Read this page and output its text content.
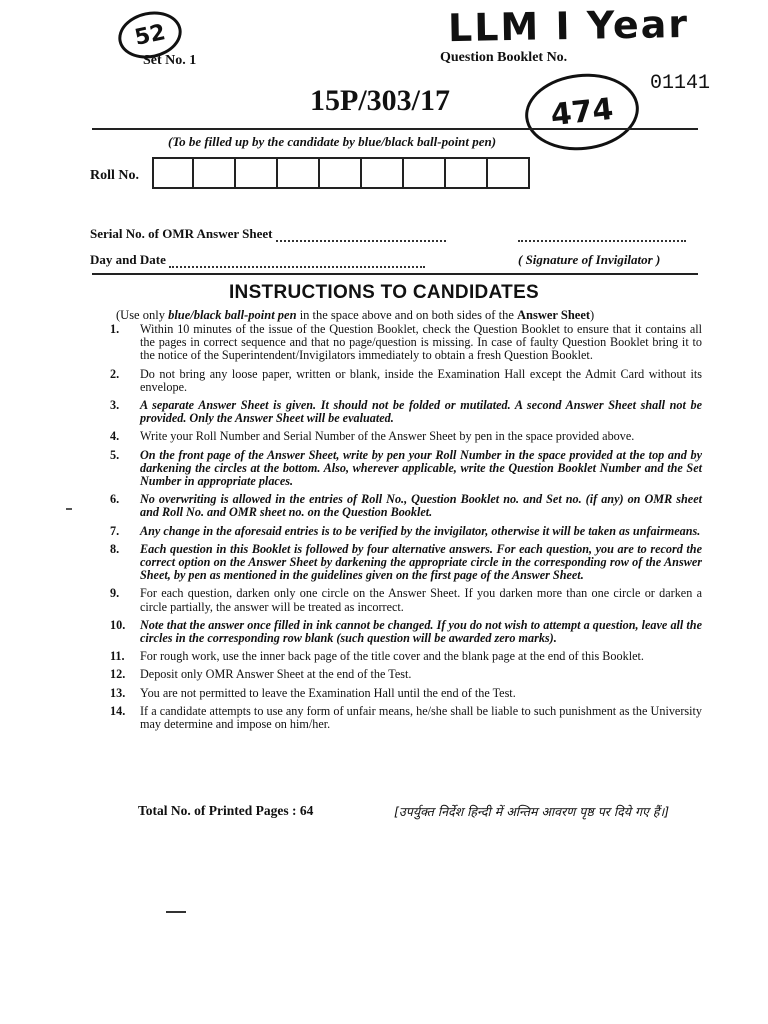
LLM I Year
52
474
Set No. 1	Question Booklet No.
01141
15P/303/17
(To be filled up by the candidate by blue/black ball-point pen)
Roll No.
Serial No. of OMR Answer Sheet
Day and Date	( Signature of Invigilator )
INSTRUCTIONS TO CANDIDATES
(Use only blue/black ball-point pen in the space above and on both sides of the Answer Sheet)
1. Within 10 minutes of the issue of the Question Booklet, check the Question Booklet to ensure that it contains all the pages in correct sequence and that no page/question is missing. In case of faulty Question Booklet bring it to the notice of the Superintendent/Invigilators immediately to obtain a fresh Question Booklet.
2. Do not bring any loose paper, written or blank, inside the Examination Hall except the Admit Card without its envelope.
3. A separate Answer Sheet is given. It should not be folded or mutilated. A second Answer Sheet shall not be provided. Only the Answer Sheet will be evaluated.
4. Write your Roll Number and Serial Number of the Answer Sheet by pen in the space provided above.
5. On the front page of the Answer Sheet, write by pen your Roll Number in the space provided at the top and by darkening the circles at the bottom. Also, wherever applicable, write the Question Booklet Number and the Set Number in appropriate places.
6. No overwriting is allowed in the entries of Roll No., Question Booklet no. and Set no. (if any) on OMR sheet and Roll No. and OMR sheet no. on the Question Booklet.
7. Any change in the aforesaid entries is to be verified by the invigilator, otherwise it will be taken as unfairmeans.
8. Each question in this Booklet is followed by four alternative answers. For each question, you are to record the correct option on the Answer Sheet by darkening the appropriate circle in the corresponding row of the Answer Sheet, by pen as mentioned in the guidelines given on the first page of the Answer Sheet.
9. For each question, darken only one circle on the Answer Sheet. If you darken more than one circle or darken a circle partially, the answer will be treated as incorrect.
10. Note that the answer once filled in ink cannot be changed. If you do not wish to attempt a question, leave all the circles in the corresponding row blank (such question will be awarded zero marks).
11. For rough work, use the inner back page of the title cover and the blank page at the end of this Booklet.
12. Deposit only OMR Answer Sheet at the end of the Test.
13. You are not permitted to leave the Examination Hall until the end of the Test.
14. If a candidate attempts to use any form of unfair means, he/she shall be liable to such punishment as the University may determine and impose on him/her.
Total No. of Printed Pages : 64	[उपर्युक्त निर्देश हिन्दी में अन्तिम आवरण पृष्ठ पर दिये गए हैं।]
